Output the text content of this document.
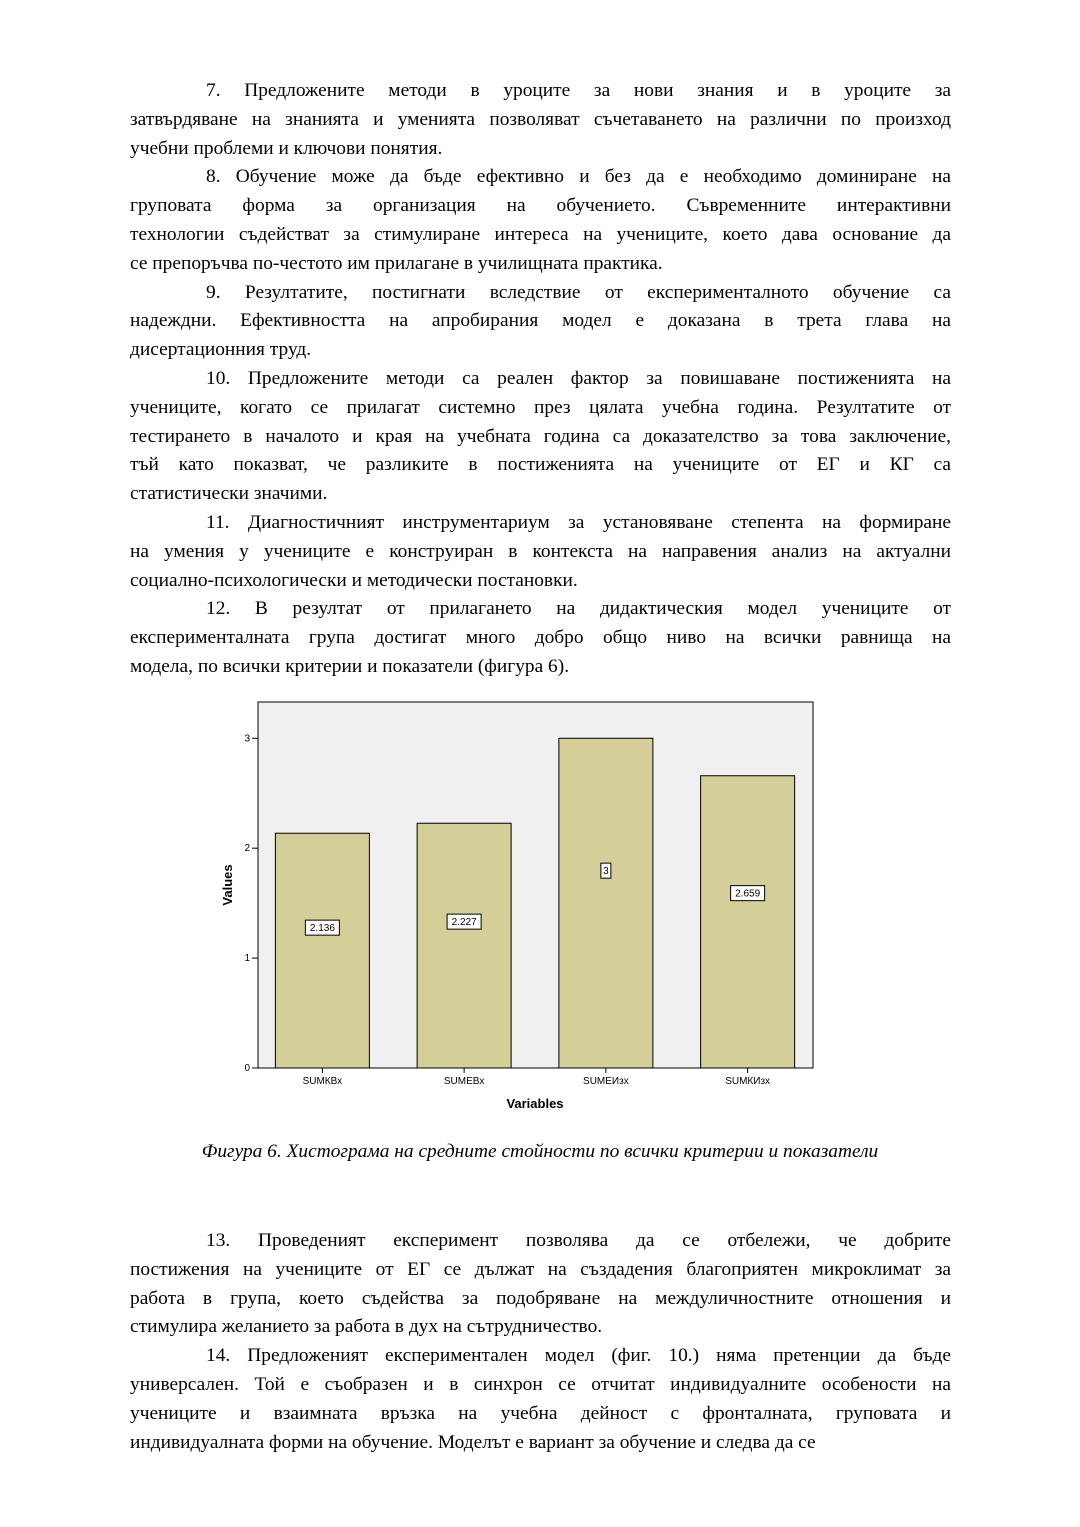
7. Предложените методи в уроците за нови знания и в уроците за
затвърдяване на знанията и уменията позволяват съчетаването на различни по произход
учебни проблеми и ключови понятия.
8. Обучение може да бъде ефективно и без да е необходимо доминиране на
груповата форма за организация на обучението. Съвременните интерактивни
технологии съдействат за стимулиране интереса на учениците, което дава основание да
се препоръчва по-честото им прилагане в училищната практика.
9. Резултатите, постигнати вследствие от експерименталното обучение са
надеждни. Ефективността на апробирания модел е доказана в трета глава на
дисертационния труд.
10. Предложените методи са реален фактор за повишаване постиженията на
учениците, когато се прилагат системно през цялата учебна година. Резултатите от
тестирането в началото и края на учебната година са доказателство за това заключение,
тъй като показват, че разликите в постиженията на учениците от ЕГ и КГ са
статистически значими.
11. Диагностичният инструментариум за установяване степента на формиране
на умения у учениците е конструиран в контекста на направения анализ на актуални
социално-психологически и методически постановки.
12. В резултат от прилагането на дидактическия модел учениците от
експерименталната група достигат много добро общо ниво на всички равнища на
модела, по всички критерии и показатели (фигура 6).
0
1
2
3
2.136
SUMКВх
2.227
SUMЕВх
3
SUMЕИзх
2.659
SUMКИзх
Variables
Values
Фигура 6. Хистограма на средните стойности по всички критерии и показатели
13. Проведеният експеримент позволява да се отбележи, че добрите
постижения на учениците от ЕГ се дължат на създадения благоприятен микроклимат за
работа в група, което съдейства за подобряване на междуличностните отношения и
стимулира желанието за работа в дух на сътрудничество.
14. Предложеният експериментален модел (фиг. 10.) няма претенции да бъде
универсален. Той е съобразен и в синхрон се отчитат индивидуалните особености на
учениците и взаимната връзка на учебна дейност с фронталната, груповата и
индивидуалната форми на обучение. Моделът е вариант за обучение и следва да се
